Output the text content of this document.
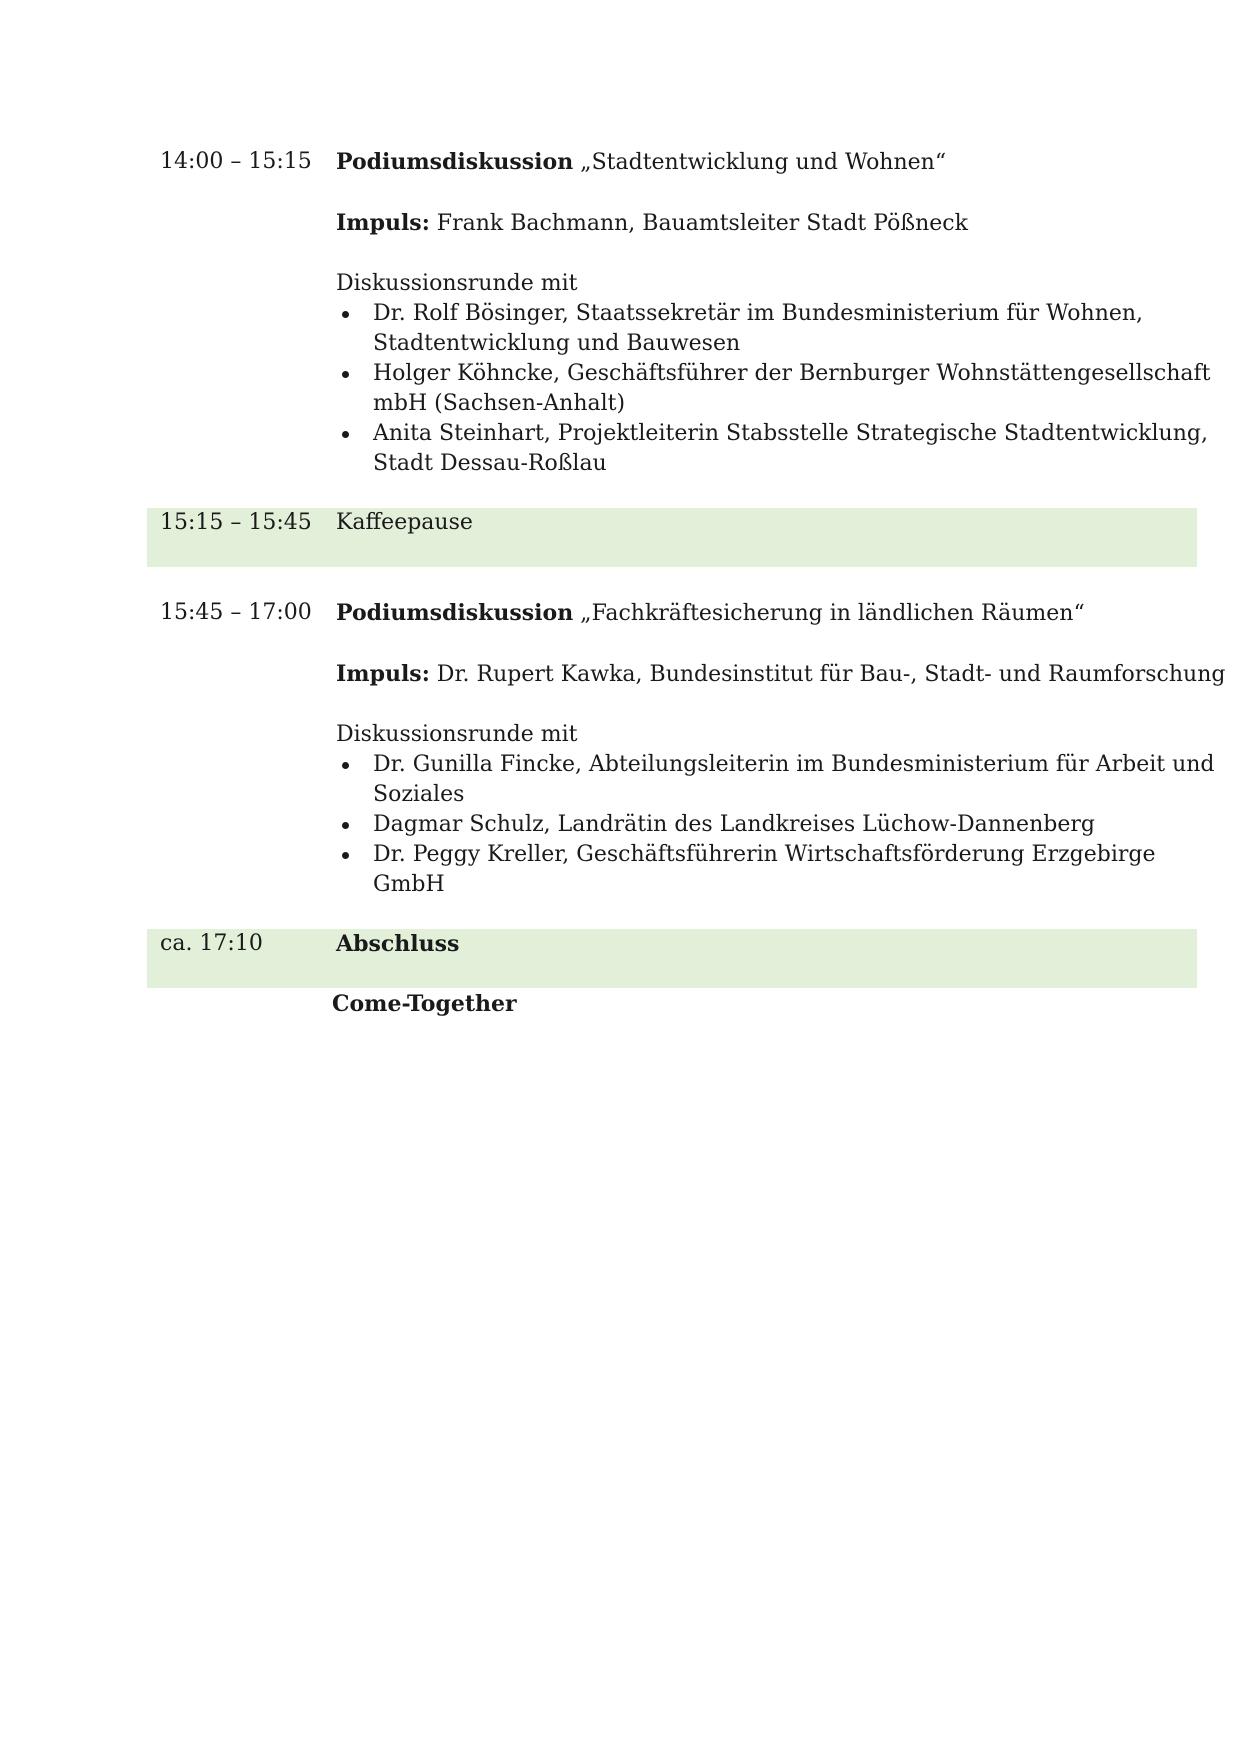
14:00 – 15:15 Podiumsdiskussion „Stadtentwicklung und Wohnen“
Impuls: Frank Bachmann, Bauamtsleiter Stadt Pößneck
Diskussionsrunde mit
Dr. Rolf Bösinger, Staatssekretär im Bundesministerium für Wohnen,
Stadtentwicklung und Bauwesen
Holger Köhncke, Geschäftsführer der Bernburger Wohnstättengesellschaft
mbH (Sachsen-Anhalt)
Anita Steinhart, Projektleiterin Stabsstelle Strategische Stadtentwicklung,
Stadt Dessau-Roßlau
15:15 – 15:45 Kaffeepause
15:45 – 17:00 Podiumsdiskussion „Fachkräftesicherung in ländlichen Räumen“
Impuls: Dr. Rupert Kawka, Bundesinstitut für Bau-, Stadt- und Raumforschung
Diskussionsrunde mit
Dr. Gunilla Fincke, Abteilungsleiterin im Bundesministerium für Arbeit und
Soziales
Dagmar Schulz, Landrätin des Landkreises Lüchow-Dannenberg
Dr. Peggy Kreller, Geschäftsführerin Wirtschaftsförderung Erzgebirge
GmbH
ca. 17:10	Abschluss
Come-Together
